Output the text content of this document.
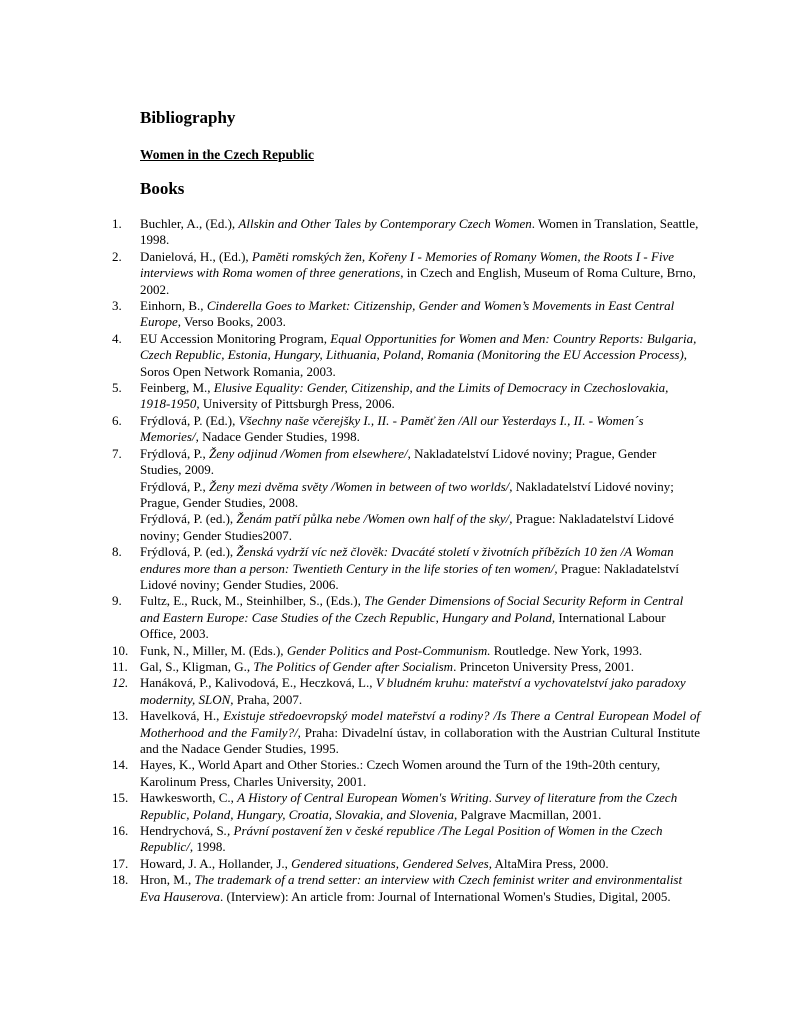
Bibliography
Women in the Czech Republic
Books
1.	Buchler, A., (Ed.), Allskin and Other Tales by Contemporary Czech Women. Women in Translation, Seattle, 1998.

2.	Danielová, H., (Ed.), Paměti romských žen, Kořeny I - Memories of Romany Women, the Roots I - Five interviews with Roma women of three generations, in Czech and English, Museum of Roma Culture, Brno, 2002.

3.	Einhorn, B., Cinderella Goes to Market: Citizenship, Gender and Women’s Movements in East Central Europe, Verso Books, 2003.

4.	EU Accession Monitoring Program, Equal Opportunities for Women and Men: Country Reports: Bulgaria, Czech Republic, Estonia, Hungary, Lithuania, Poland, Romania (Monitoring the EU Accession Process), Soros Open Network Romania, 2003.

5.	Feinberg, M., Elusive Equality: Gender, Citizenship, and the Limits of Democracy in Czechoslovakia, 1918-1950, University of Pittsburgh Press, 2006.

6.	Frýdlová, P. (Ed.), Všechny naše včerejšky I., II. - Paměť žen /All our Yesterdays I., II. - Women´s Memories/, Nadace Gender Studies, 1998.

7.	Frýdlová, P., Ženy odjinud /Women from elsewhere/, Nakladatelství Lidové noviny; Prague, Gender Studies, 2009.

Frýdlová, P., Ženy mezi dvěma světy /Women in between of two worlds/, Nakladatelství Lidové noviny; Prague, Gender Studies, 2008.

Frýdlová, P. (ed.), Ženám patří půlka nebe /Women own half of the sky/, Prague: Nakladatelství Lidové noviny; Gender Studies2007.

8.	Frýdlová, P. (ed.), Ženská vydrží víc než člověk: Dvacáté století v životních příbězích 10 žen /A Woman endures more than a person: Twentieth Century in the life stories of ten women/, Prague: Nakladatelství Lidové noviny; Gender Studies, 2006.

9.	Fultz, E., Ruck, M., Steinhilber, S., (Eds.), The Gender Dimensions of Social Security Reform in Central and Eastern Europe: Case Studies of the Czech Republic, Hungary and Poland, International Labour Office, 2003.

10. Funk, N., Miller, M. (Eds.), Gender Politics and Post-Communism. Routledge. New York, 1993.

11. Gal, S., Kligman, G., The Politics of Gender after Socialism. Princeton University Press, 2001.

12. Hanáková, P., Kalivodová, E., Heczková, L., V bludném kruhu: mateřství a vychovatelství jako paradoxy modernity, SLON, Praha, 2007.

13. Havelková, H., Existuje středoevropský model mateřství a rodiny? /Is There a Central European Model of Motherhood and the Family?/, Praha: Divadelní ústav, in collaboration with the Austrian Cultural Institute and the Nadace Gender Studies, 1995.

14. Hayes, K., World Apart and Other Stories.: Czech Women around the Turn of the 19th-20th century, Karolinum Press, Charles University, 2001.

15. Hawkesworth, C., A History of Central European Women's Writing. Survey of literature from the Czech Republic, Poland, Hungary, Croatia, Slovakia, and Slovenia, Palgrave Macmillan, 2001.

16. Hendrychová, S., Právní postavení žen v české republice /The Legal Position of Women in the Czech Republic/, 1998.

17. Howard, J. A., Hollander, J., Gendered situations, Gendered Selves, AltaMira Press, 2000.

18. Hron, M., The trademark of a trend setter: an interview with Czech feminist writer and environmentalist Eva Hauserova. (Interview): An article from: Journal of International Women's Studies, Digital, 2005.
